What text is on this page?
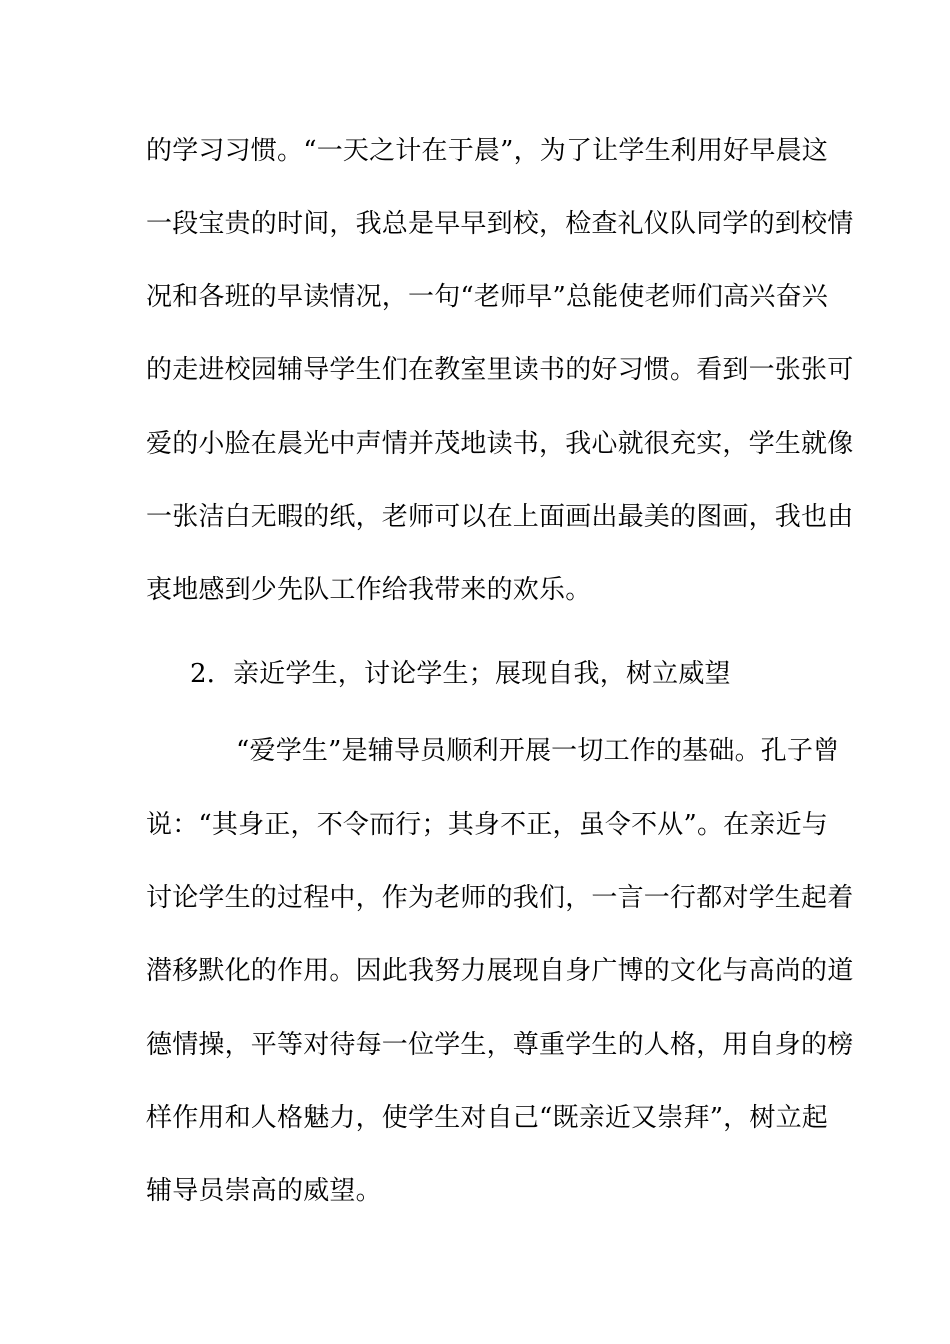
的学习习惯。“一天之计在于晨”，为了让学生利用好早晨这
一段宝贵的时间，我总是早早到校，检查礼仪队同学的到校情
况和各班的早读情况，一句“老师早”总能使老师们高兴奋兴
的走进校园辅导学生们在教室里读书的好习惯。看到一张张可
爱的小脸在晨光中声情并茂地读书，我心就很充实，学生就像
一张洁白无暇的纸，老师可以在上面画出最美的图画，我也由
衷地感到少先队工作给我带来的欢乐。
2．亲近学生，讨论学生；展现自我，树立威望
“爱学生”是辅导员顺利开展一切工作的基础。孔子曾
说：“其身正，不令而行；其身不正，虽令不从”。在亲近与
讨论学生的过程中，作为老师的我们，一言一行都对学生起着
潜移默化的作用。因此我努力展现自身广博的文化与高尚的道
德情操，平等对待每一位学生，尊重学生的人格，用自身的榜
样作用和人格魅力，使学生对自己“既亲近又崇拜”，树立起
辅导员崇高的威望。
